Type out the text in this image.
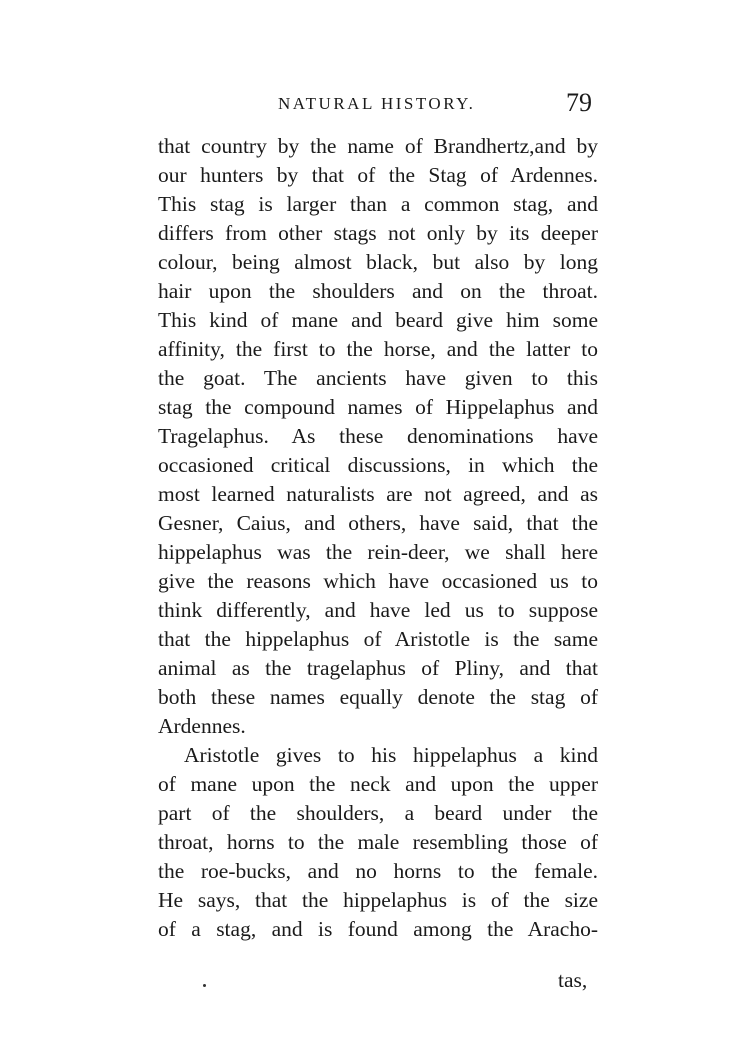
NATURAL HISTORY.	79
that country by the name of Brandhertz,and by
our hunters by that of the Stag of Ardennes.
This stag is larger than a common stag, and
differs from other stags not only by its deeper
colour, being almost black, but also by long
hair upon the shoulders and on the throat.
This kind of mane and beard give him some
affinity, the first to the horse, and the latter to
the goat. The ancients have given to this
stag the compound names of Hippelaphus and
Tragelaphus. As these denominations have
occasioned critical discussions, in which the
most learned naturalists are not agreed, and as
Gesner, Caius, and others, have said, that the
hippelaphus was the rein-deer, we shall here
give the reasons which have occasioned us to
think differently, and have led us to suppose
that the hippelaphus of Aristotle is the same
animal as the tragelaphus of Pliny, and that
both these names equally denote the stag of
Ardennes.
Aristotle gives to his hippelaphus a kind
of mane upon the neck and upon the upper
part of the shoulders, a beard under the
throat, horns to the male resembling those of
the roe-bucks, and no horns to the female.
He says, that the hippelaphus is of the size
of a stag, and is found among the Aracho-
tas,
